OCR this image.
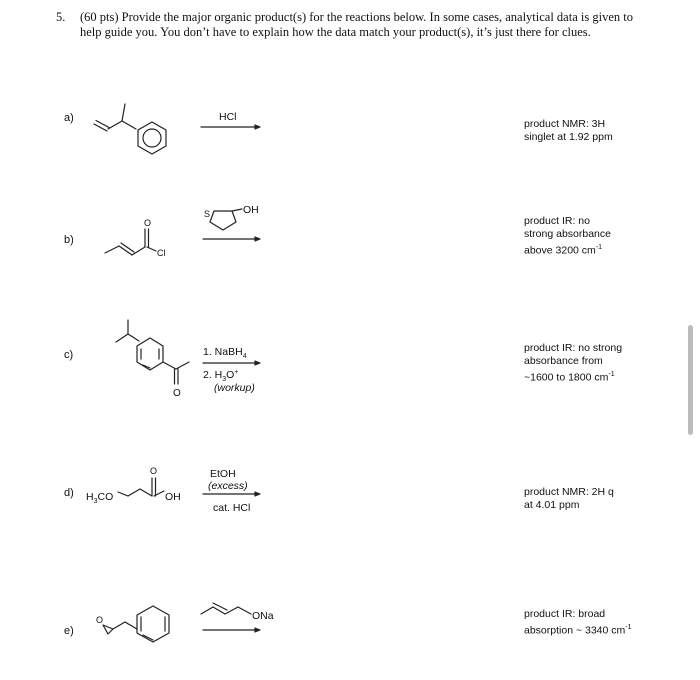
5. (60 pts) Provide the major organic product(s) for the reactions below. In some cases, analytical data is given to help guide you. You don’t have to explain how the data match your product(s), it’s just there for clues.
a)
b)
c)
d)
e)
HCl
S	OH
O
Cl
O
1. NaBH$_4$
2. $H_3O^+$
(workup)
$H_3CO$
O
OH
EtOH
(excess)
cat. HCl
O	ONa
product NMR: 3H
singlet at 1.92 ppm
product IR: no
strong absorbance
above 3200 $cm^{-1}$
product IR: no strong
absorbance from
~1600 to 1800 $cm^{-1}$
product NMR: 2H q
at 4.01 ppm
product IR: broad
absorption ~ 3340 $cm^{-1}$
